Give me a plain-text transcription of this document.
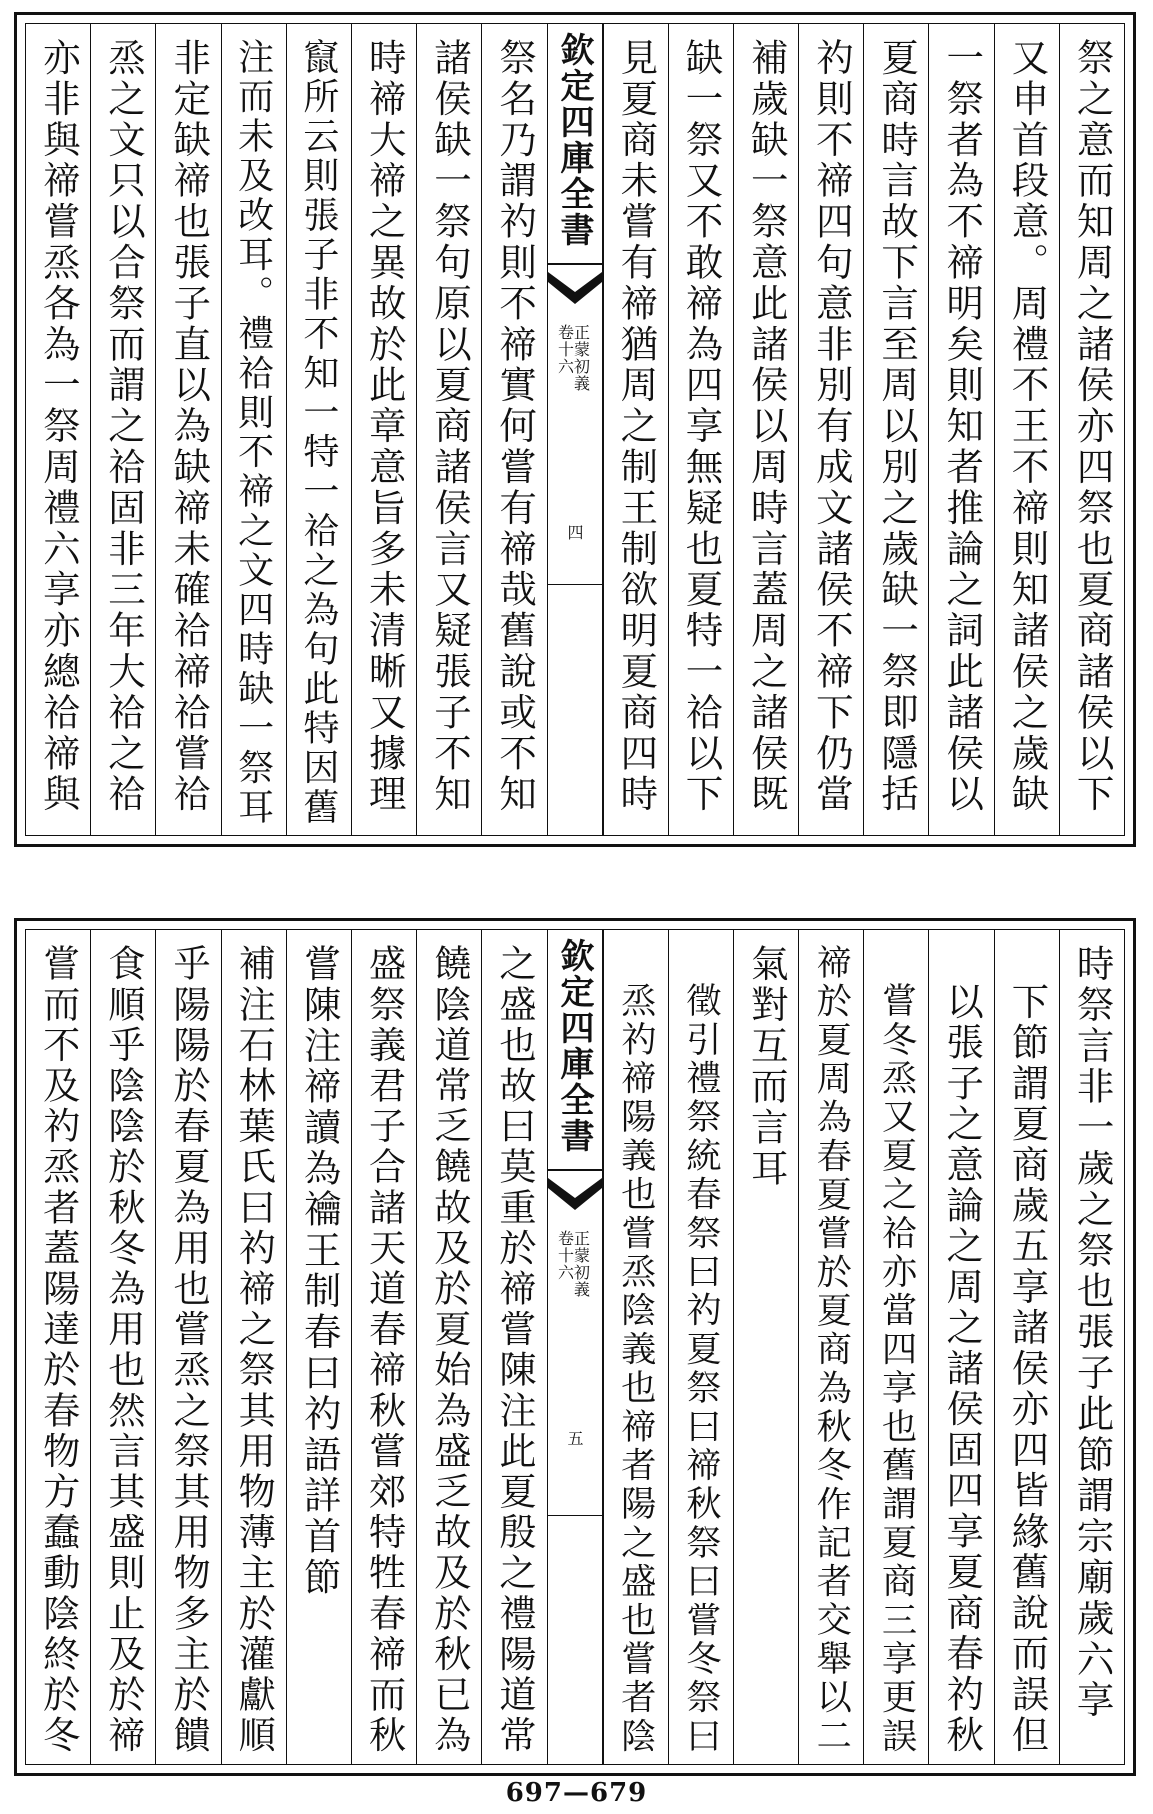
祭之意而知周之諸侯亦四祭也夏商諸侯以下
又申首段意。周禮不王不禘則知諸侯之歲缺
一祭者為不禘明矣則知者推論之詞此諸侯以
夏商時言故下言至周以別之歲缺一祭即隱括
礿則不禘四句意非別有成文諸侯不禘下仍當
補歲缺一祭意此諸侯以周時言蓋周之諸侯既
缺一祭又不敢禘為四享無疑也夏特一祫以下
見夏商未嘗有禘猶周之制王制欲明夏商四時
欽定四庫全書
正蒙初義
卷十六
四
祭名乃謂礿則不禘實何嘗有禘哉舊說或不知
諸侯缺一祭句原以夏商諸侯言又疑張子不知
時禘大禘之異故於此章意旨多未清晰又據理
竄所云則張子非不知一特一祫之為句此特因舊
注而未及改耳。禮祫則不禘之文四時缺一祭耳
非定缺禘也張子直以為缺禘未確祫禘祫嘗祫
烝之文只以合祭而謂之祫固非三年大祫之祫
亦非與禘嘗烝各為一祭周禮六享亦總祫禘與
時祭言非一歲之祭也張子此節謂宗廟歲六享
下節謂夏商歲五享諸侯亦四皆緣舊說而誤但
以張子之意論之周之諸侯固四享夏商春礿秋
嘗冬烝又夏之祫亦當四享也舊謂夏商三享更誤
禘於夏周為春夏嘗於夏商為秋冬作記者交舉以二
氣對互而言耳
徵引禮祭統春祭曰礿夏祭曰禘秋祭曰嘗冬祭曰
烝礿禘陽義也嘗烝陰義也禘者陽之盛也嘗者陰
欽定四庫全書
正蒙初義
卷十六
五
之盛也故曰莫重於禘嘗陳注此夏殷之禮陽道常
饒陰道常乏饒故及於夏始為盛乏故及於秋已為
盛祭義君子合諸天道春禘秋嘗郊特牲春禘而秋
嘗陳注禘讀為禴王制春曰礿語詳首節
補注石林葉氏曰礿禘之祭其用物薄主於灌獻順
乎陽陽於春夏為用也嘗烝之祭其用物多主於饋
食順乎陰陰於秋冬為用也然言其盛則止及於禘
嘗而不及礿烝者蓋陽達於春物方蠢動陰終於冬
697—679
